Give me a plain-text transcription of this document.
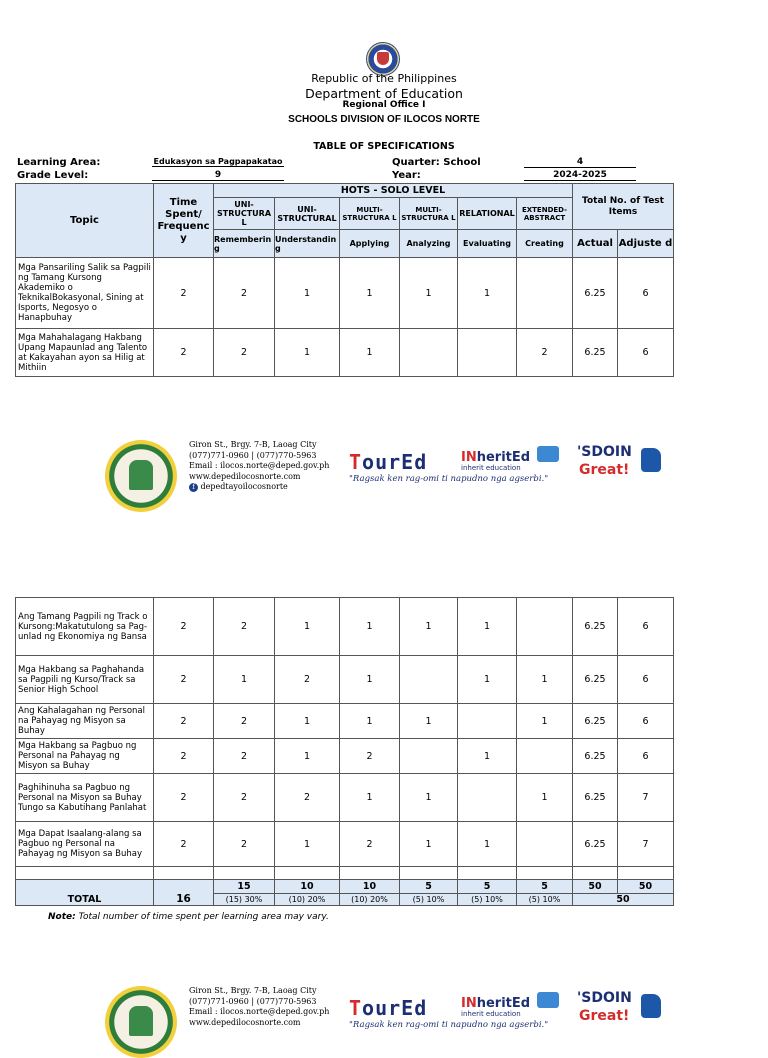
Republic of the Philippines
Department of Education
Regional Office I
SCHOOLS DIVISION OF ILOCOS NORTE
TABLE OF SPECIFICATIONS
Learning Area:	Edukasyon sa Pagpapakatao
Grade Level:	9
Quarter: School	4
Year:	2024-2025
Topic	Time Spent/ Frequenc y	HOTS - SOLO LEVEL						Total No. of Test Items	
		UNI-STRUCTURA L	UNI-STRUCTURAL	MULTI-STRUCTURA L	MULTI-STRUCTURA L	RELATIONAL	EXTENDED-ABSTRACT		
		Rememberin g	Understandin g	Applying	Analyzing	Evaluating	Creating	Actual	Adjuste d
Mga Pansariling Salik sa Pagpili ng Tamang Kursong Akademiko o TeknikalBokasyonal, Sining at Isports, Negosyo o Hanapbuhay	2	2	1	1	1	1		6.25	6
Mga Mahahalagang Hakbang Upang Mapaunlad ang Talento at Kakayahan ayon sa Hilig at Mithiin	2	2	1	1			2	6.25	6
Giron St., Brgy. 7-B, Laoag City
(077)771-0960 | (077)770-5963
Email : ilocos.norte@deped.gov.ph
www.depedilocosnorte.com
f depedtayoilocosnorte
TourEd	INheritEd
inherit education
"Ragsak ken rag-omi ti napudno nga agserbi."
'SDOIN
Great!
Ang Tamang Pagpili ng Track o Kursong:Makatutulong sa Pag-unlad ng Ekonomiya ng Bansa	2	2	1	1	1	1		6.25	6
Mga Hakbang sa Paghahanda sa Pagpili ng Kurso/Track sa Senior High School	2	1	2	1		1	1	6.25	6
Ang Kahalagahan ng Personal na Pahayag ng Misyon sa Buhay	2	2	1	1	1		1	6.25	6
Mga Hakbang sa Pagbuo ng Personal na Pahayag ng Misyon sa Buhay	2	2	1	2		1		6.25	6
Paghihinuha sa Pagbuo ng Personal na Misyon sa Buhay Tungo sa Kabutihang Panlahat	2	2	2	1	1		1	6.25	7
Mga Dapat Isaalang-alang sa Pagbuo ng Personal na Pahayag ng Misyon sa Buhay	2	2	1	2	1	1		6.25	7

TOTAL	16	15	10	10	5	5	5	50	50
		(15) 30%	(10) 20%	(10) 20%	(5) 10%	(5) 10%	(5) 10%	50	
Note: Total number of time spent per learning area may vary.
Giron St., Brgy. 7-B, Laoag City
(077)771-0960 | (077)770-5963
Email : ilocos.norte@deped.gov.ph
www.depedilocosnorte.com
TourEd	INheritEd
inherit education
"Ragsak ken rag-omi ti napudno nga agserbi."
'SDOIN
Great!
